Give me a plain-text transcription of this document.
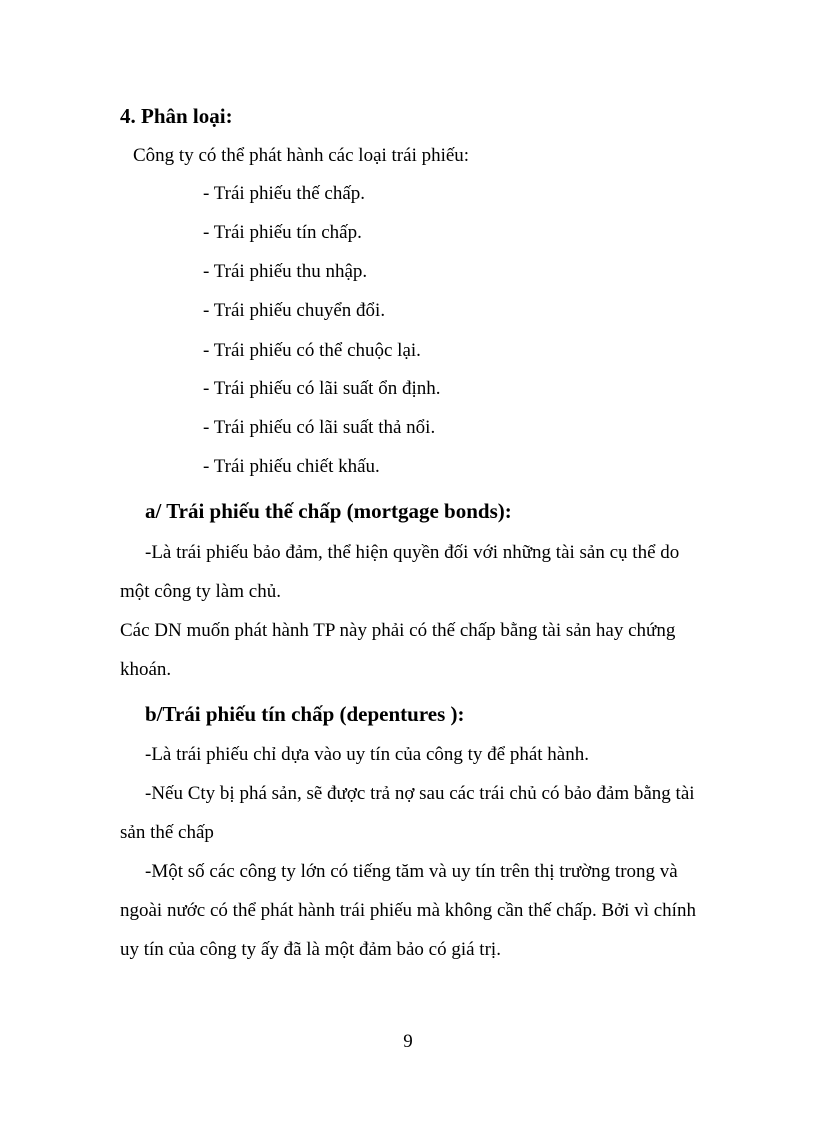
4. Phân loại:
Công ty có thể phát hành các loại trái phiếu:
- Trái phiếu thế chấp.
- Trái phiếu tín chấp.
- Trái phiếu thu nhập.
- Trái phiếu chuyển đổi.
- Trái phiếu có thể chuộc lại.
- Trái phiếu có lãi suất ổn định.
- Trái phiếu có lãi suất thả nổi.
- Trái phiếu chiết khấu.
a/ Trái phiếu thế chấp (mortgage bonds):
-Là trái phiếu bảo đảm, thể hiện quyền đối với những tài sản cụ thể do
một công ty làm chủ.
Các DN muốn phát hành TP này phải có thế chấp bằng tài sản hay chứng
khoán.
b/Trái phiếu tín chấp (depentures ):
-Là trái phiếu chỉ dựa vào uy tín của công ty để phát hành.
-Nếu Cty bị phá sản, sẽ được trả nợ sau các trái chủ có bảo đảm bằng tài
sản thế chấp
-Một số các công ty lớn có tiếng tăm và uy tín trên thị trường trong và
ngoài nước có thể phát hành trái phiếu mà không cần thế chấp. Bởi vì chính
uy tín của công ty ấy đã là một đảm bảo có giá trị.
9
